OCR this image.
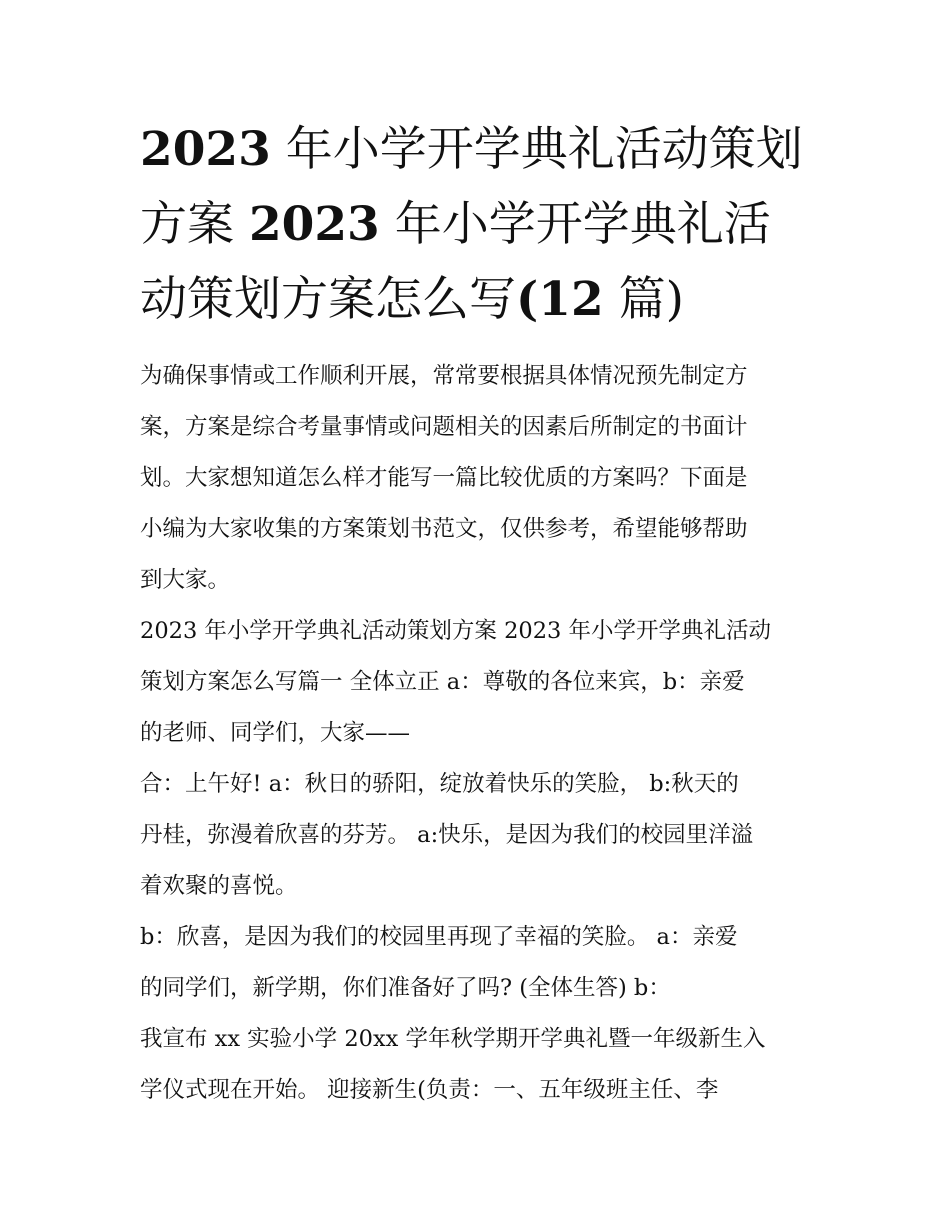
2023 年小学开学典礼活动策划
方案 2023 年小学开学典礼活
动策划方案怎么写(12 篇)

为确保事情或工作顺利开展，常常要根据具体情况预先制定方
案，方案是综合考量事情或问题相关的因素后所制定的书面计
划。大家想知道怎么样才能写一篇比较优质的方案吗？下面是
小编为大家收集的方案策划书范文，仅供参考，希望能够帮助
到大家。

2023 年小学开学典礼活动策划方案 2023 年小学开学典礼活动
策划方案怎么写篇一 全体立正 a：尊敬的各位来宾，b：亲爱
的老师、同学们，大家——

合：上午好! a：秋日的骄阳，绽放着快乐的笑脸， b:秋天的
丹桂，弥漫着欣喜的芬芳。 a:快乐，是因为我们的校园里洋溢
着欢聚的喜悦。

b：欣喜，是因为我们的校园里再现了幸福的笑脸。 a：亲爱
的同学们，新学期，你们准备好了吗? (全体生答) b：

我宣布 xx 实验小学 20xx 学年秋学期开学典礼暨一年级新生入
学仪式现在开始。 迎接新生(负责：一、五年级班主任、李
